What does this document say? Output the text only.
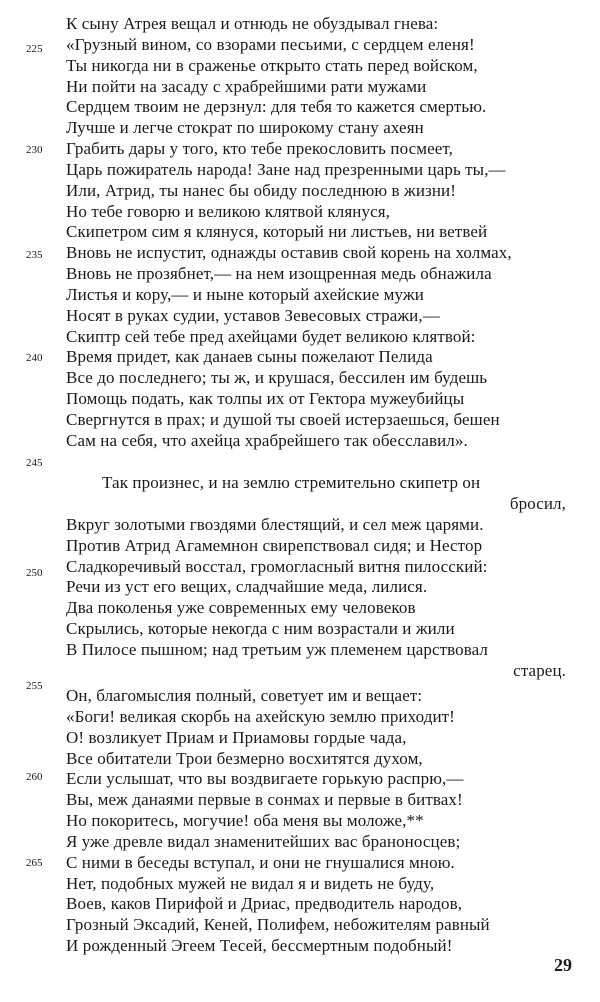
К сыну Атрея вещал и отнюдь не обуздывал гнева:
«Грузный вином, со взорами песьими, с сердцем еленя!
Ты никогда ни в сраженье открыто стать перед войском,
Ни пойти на засаду с храбрейшими рати мужами
Сердцем твоим не дерзнул: для тебя то кажется смертью.
Лучше и легче стократ по широкому стану ахеян
Грабить дары у того, кто тебе прекословить посмеет,
Царь пожиратель народа! Зане над презренными царь ты,—
Или, Атрид, ты нанес бы обиду последнюю в жизни!
Но тебе говорю и великою клятвой клянуся,
Скипетром сим я клянуся, который ни листьев, ни ветвей
Вновь не испустит, однажды оставив свой корень на холмах,
Вновь не прозябнет,— на нем изощренная медь обнажила
Листья и кору,— и ныне который ахейские мужи
Носят в руках судии, уставов Зевесовых стражи,—
Скиптр сей тебе пред ахейцами будет великою клятвой:
Время придет, как данаев сыны пожелают Пелида
Все до последнего; ты ж, и крушася, бессилен им будешь
Помощь подать, как толпы их от Гектора мужеубийцы
Свергнутся в прах; и душой ты своей истерзаешься, бешен
Сам на себя, что ахейца храбрейшего так обесславил».
Так произнес, и на землю стремительно скипетр он
бросил,
Вкруг золотыми гвоздями блестящий, и сел меж царями.
Против Атрид Агамемнон свирепствовал сидя; и Нестор
Сладкоречивый восстал, громогласный витня пилосский:
Речи из уст его вещих, сладчайшие меда, лилися.
Два поколенья уже современных ему человеков
Скрылись, которые некогда с ним возрастали и жили
В Пилосе пышном; над третьим уж племенем царствовал
старец.
Он, благомыслия полный, советует им и вещает:
«Боги! великая скорбь на ахейскую землю приходит!
О! возликует Приам и Приамовы гордые чада,
Все обитатели Трои безмерно восхитятся духом,
Если услышат, что вы воздвигаете горькую распрю,—
Вы, меж данаями первые в сонмах и первые в битвах!
Но покоритесь, могучие! оба меня вы моложе,**
Я уже древле видал знаменитейших вас браноносцев;
С ними в беседы вступал, и они не гнушалися мною.
Нет, подобных мужей не видал я и видеть не буду,
Воев, каков Пирифой и Дриас, предводитель народов,
Грозный Эксадий, Кеней, Полифем, небожителям равный
И рожденный Эгеем Тесей, бессмертным подобный!
225
230
235
240
245
250
255
260
265
29
